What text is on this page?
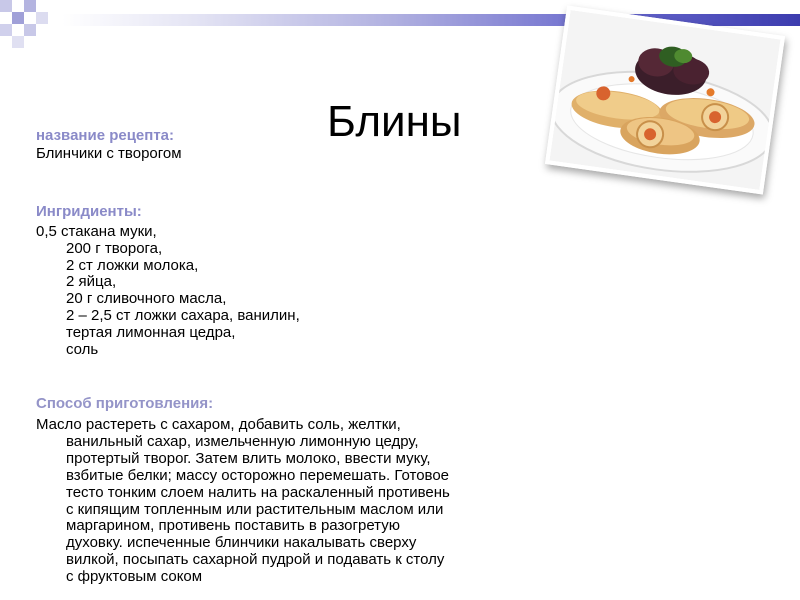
Блины

название рецепта:

Блинчики с творогом

Ингридиенты:

0,5 стакана муки,
200 г творога,
2 ст ложки молока,
2 яйца,
20 г сливочного масла,
2 – 2,5 ст ложки сахара, ванилин,
тертая лимонная цедра,
соль

Способ приготовления:

Масло растереть с сахаром, добавить соль, желтки,
ванильный сахар, измельченную лимонную цедру,
протертый творог. Затем влить молоко, ввести муку,
взбитые белки; массу осторожно перемешать. Готовое
тесто тонким слоем налить на раскаленный противень
с кипящим топленным или растительным маслом или
маргарином, противень поставить в разогретую
духовку. испеченные блинчики накалывать сверху
вилкой, посыпать сахарной пудрой и подавать к столу
с фруктовым соком
